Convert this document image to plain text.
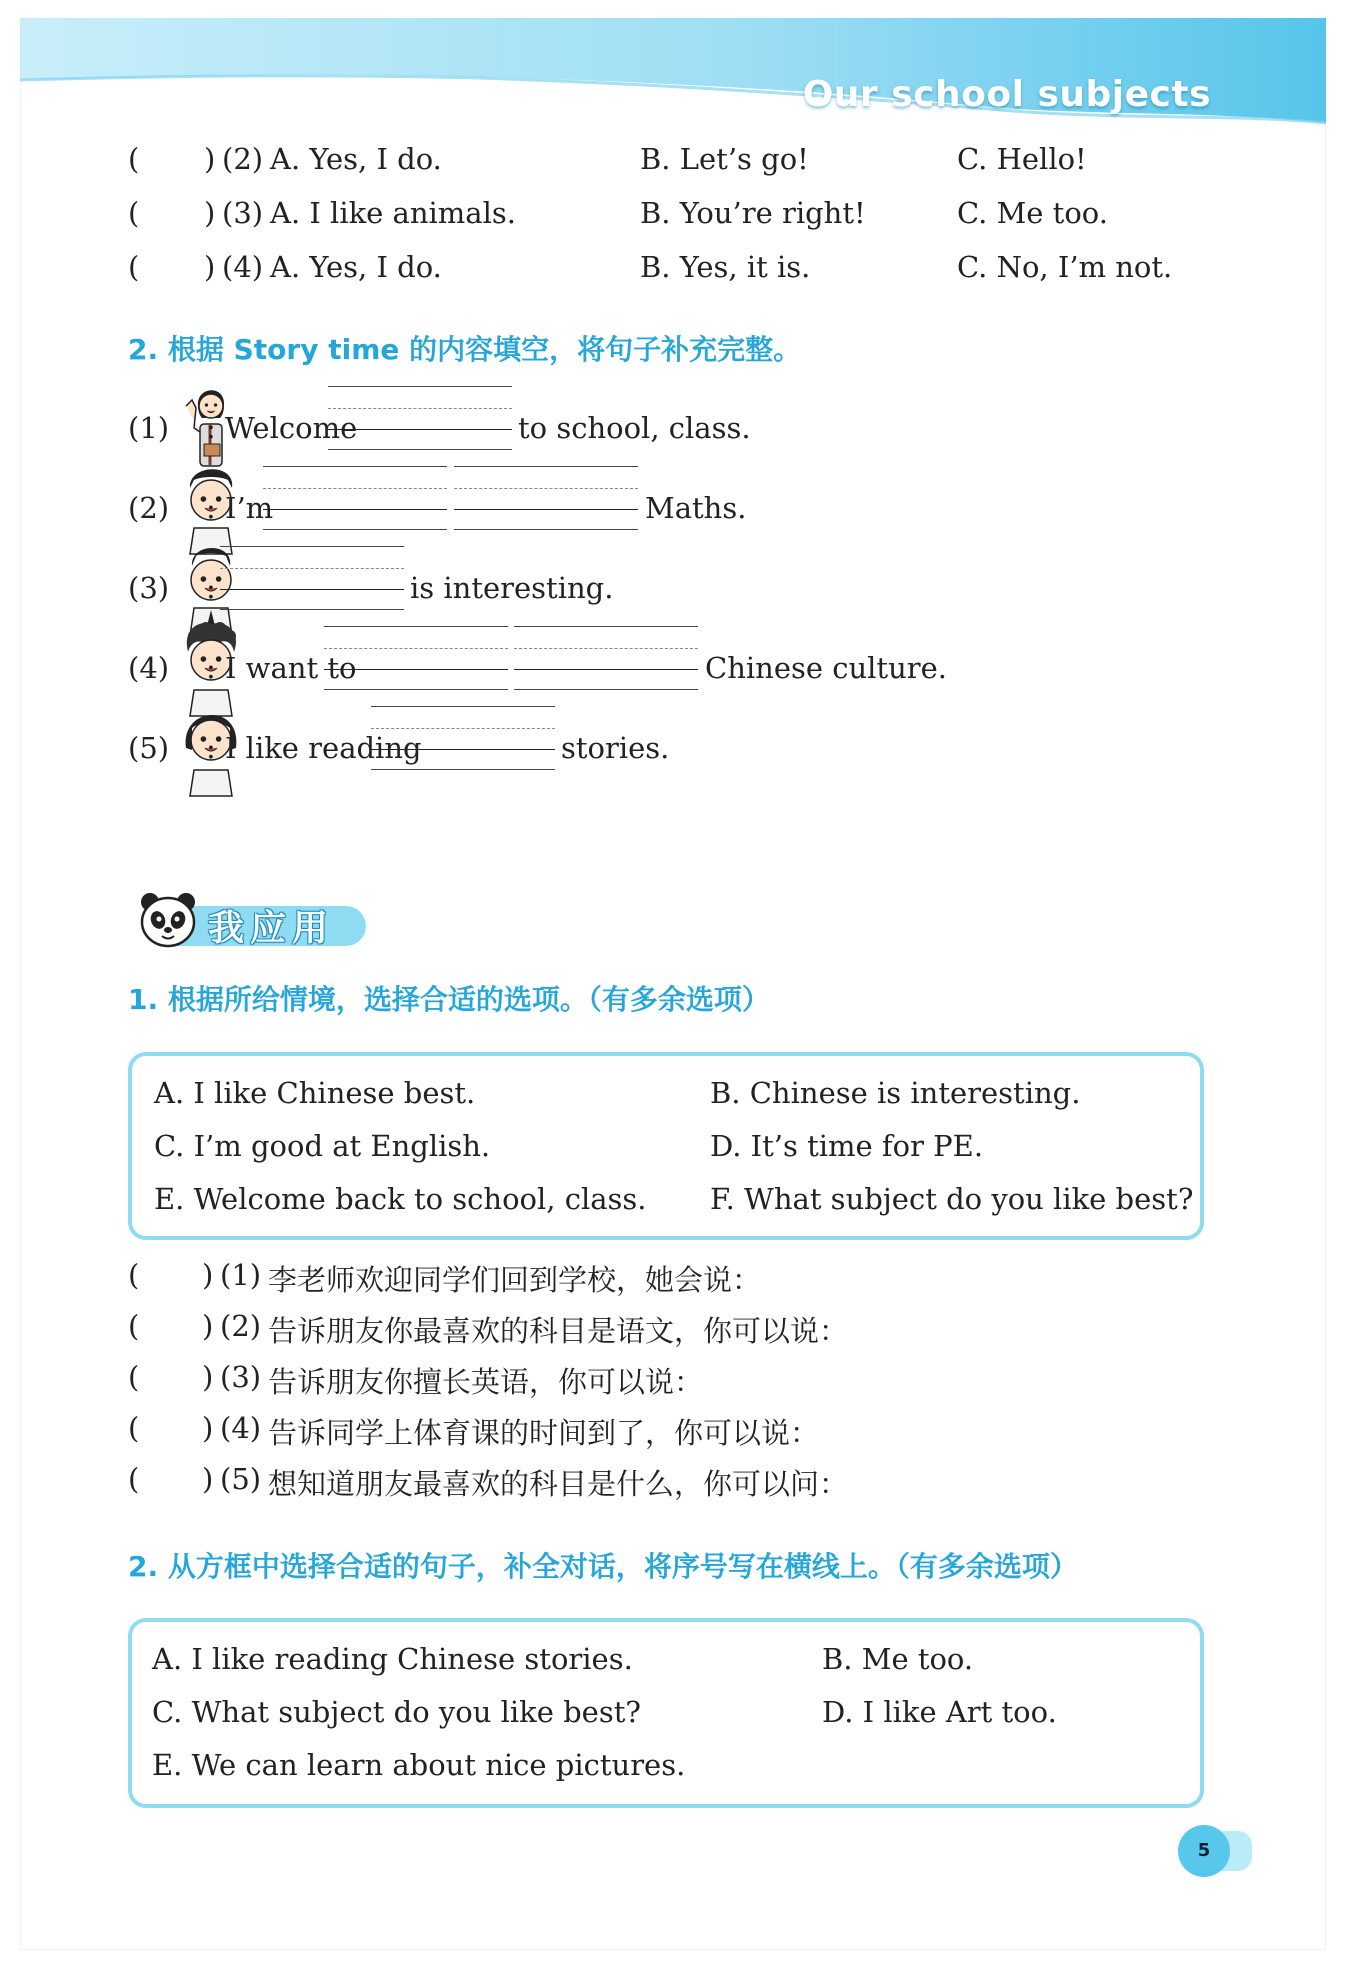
Our school subjects
( ) (2) A. Yes, I do.	B. Let’s go!	C. Hello!
( ) (3) A. I like animals.	B. You’re right!	C. Me too.
( ) (4) A. Yes, I do.	B. Yes, it is.	C. No, I’m not.
2. 根据 Story time 的内容填空，将句子补充完整。
(1) : Welcome	to school, class.
(2) : I’m	Maths.
(3) :	is interesting.
(4) : I want to	Chinese culture.
(5) : I like reading	stories.
我应用
1. 根据所给情境，选择合适的选项。（有多余选项）
A. I like Chinese best.	B. Chinese is interesting.
C. I’m good at English.	D. It’s time for PE.
E. Welcome back to school, class. F. What subject do you like best?
( ) (1) 李老师欢迎同学们回到学校，她会说：
( ) (2) 告诉朋友你最喜欢的科目是语文，你可以说：
( ) (3) 告诉朋友你擅长英语，你可以说：
( ) (4) 告诉同学上体育课的时间到了，你可以说：
( ) (5) 想知道朋友最喜欢的科目是什么，你可以问：
2. 从方框中选择合适的句子，补全对话，将序号写在横线上。（有多余选项）
A. I like reading Chinese stories.	B. Me too.
C. What subject do you like best?	D. I like Art too.
E. We can learn about nice pictures.
5
